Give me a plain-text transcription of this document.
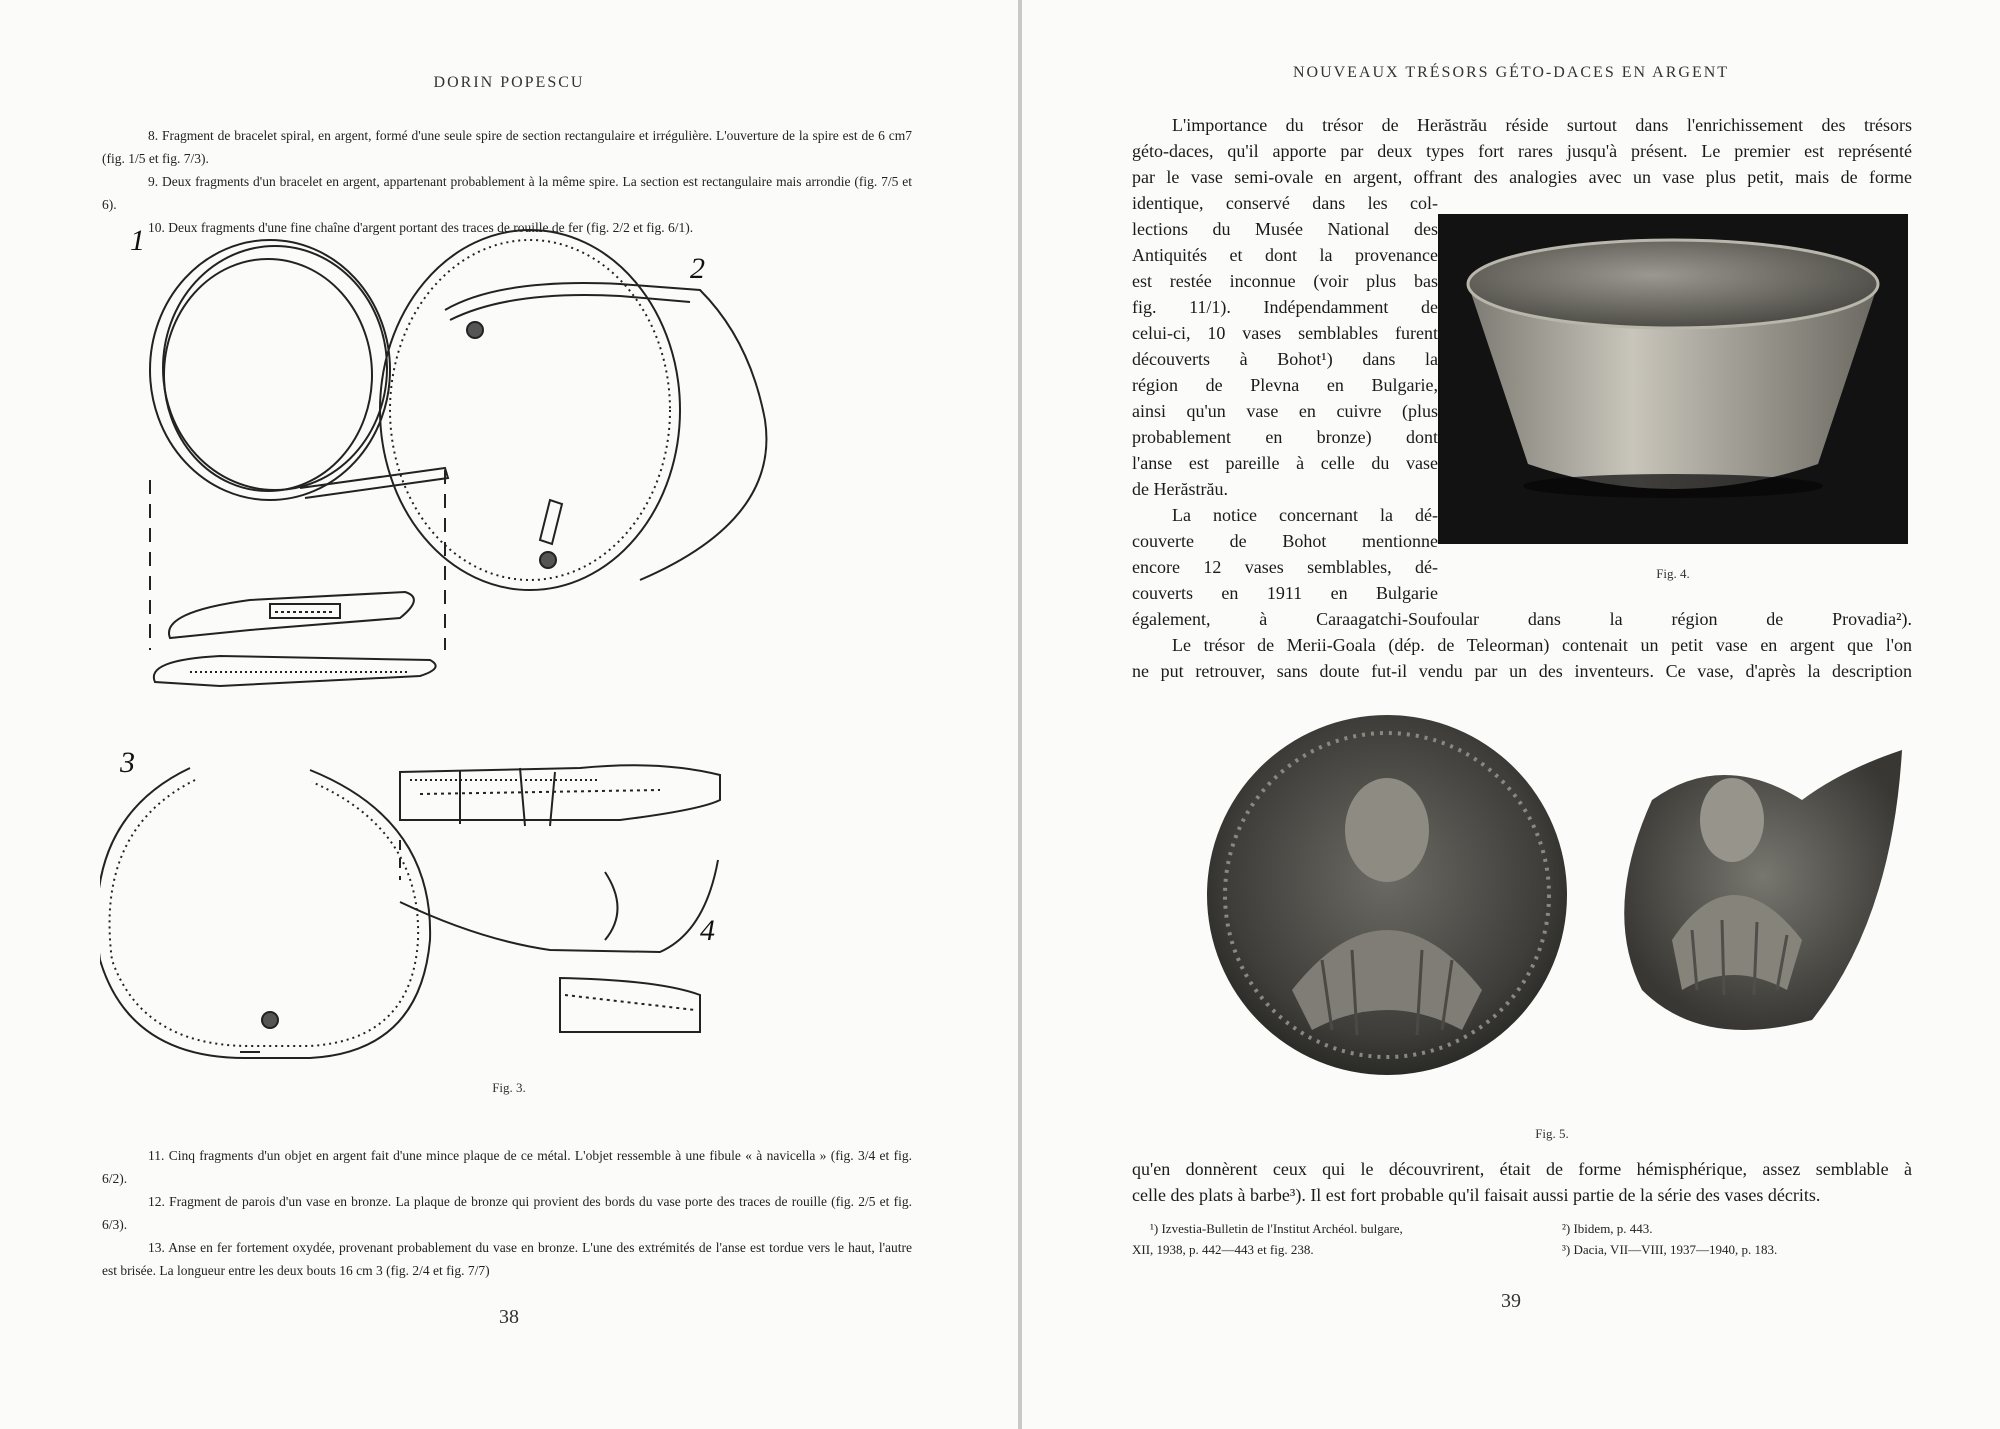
DORIN POPESCU

8. Fragment de bracelet spiral, en argent, formé d'une seule spire de section rectangulaire et irrégulière. L'ouverture de la spire est de 6 cm7 (fig. 1/5 et fig. 7/3).

9. Deux fragments d'un bracelet en argent, appartenant probablement à la même spire. La section est rectangulaire mais arrondie (fig. 7/5 et 6).

10. Deux fragments d'une fine chaîne d'argent portant des traces de rouille de fer (fig. 2/2 et fig. 6/1).

1
2
3
4
Fig. 3.

11. Cinq fragments d'un objet en argent fait d'une mince plaque de ce métal. L'objet ressemble à une fibule « à navicella » (fig. 3/4 et fig. 6/2).

12. Fragment de parois d'un vase en bronze. La plaque de bronze qui provient des bords du vase porte des traces de rouille (fig. 2/5 et fig. 6/3).

13. Anse en fer fortement oxydée, provenant probablement du vase en bronze. L'une des extrémités de l'anse est tordue vers le haut, l'autre est brisée. La longueur entre les deux bouts 16 cm 3 (fig. 2/4 et fig. 7/7)

38
NOUVEAUX TRÉSORS GÉTO-DACES EN ARGENT
L'importance du trésor de Herăstrău réside surtout dans l'enrichissement des trésors
géto-daces, qu'il apporte par deux types fort rares jusqu'à présent. Le premier est représenté
par le vase semi-ovale en argent, offrant des analogies avec un vase plus petit, mais de forme
identique, conservé dans les col-
lections du Musée National des
Antiquités et dont la provenance
est restée inconnue (voir plus bas
fig. 11/1). Indépendamment de
celui-ci, 10 vases semblables furent
découverts à Bohot¹) dans la
région de Plevna en Bulgarie,
ainsi qu'un vase en cuivre (plus
probablement en bronze) dont
l'anse est pareille à celle du vase
de Herăstrău.
La notice concernant la dé-
couverte de Bohot mentionne
encore 12 vases semblables, dé-
couverts en 1911 en Bulgarie
Fig. 4.
également, à Caraagatchi-Soufoular dans la région de Provadia²).
Le trésor de Merii-Goala (dép. de Teleorman) contenait un petit vase en argent que l'on
ne put retrouver, sans doute fut-il vendu par un des inventeurs. Ce vase, d'après la description
Fig. 5.
qu'en donnèrent ceux qui le découvrirent, était de forme hémisphérique, assez semblable à
celle des plats à barbe³). Il est fort probable qu'il faisait aussi partie de la série des vases décrits.
¹) Izvestia-Bulletin de l'Institut Archéol. bulgare,
XII, 1938, p. 442—443 et fig. 238.
²) Ibidem, p. 443.
³) Dacia, VII—VIII, 1937—1940, p. 183.
39
